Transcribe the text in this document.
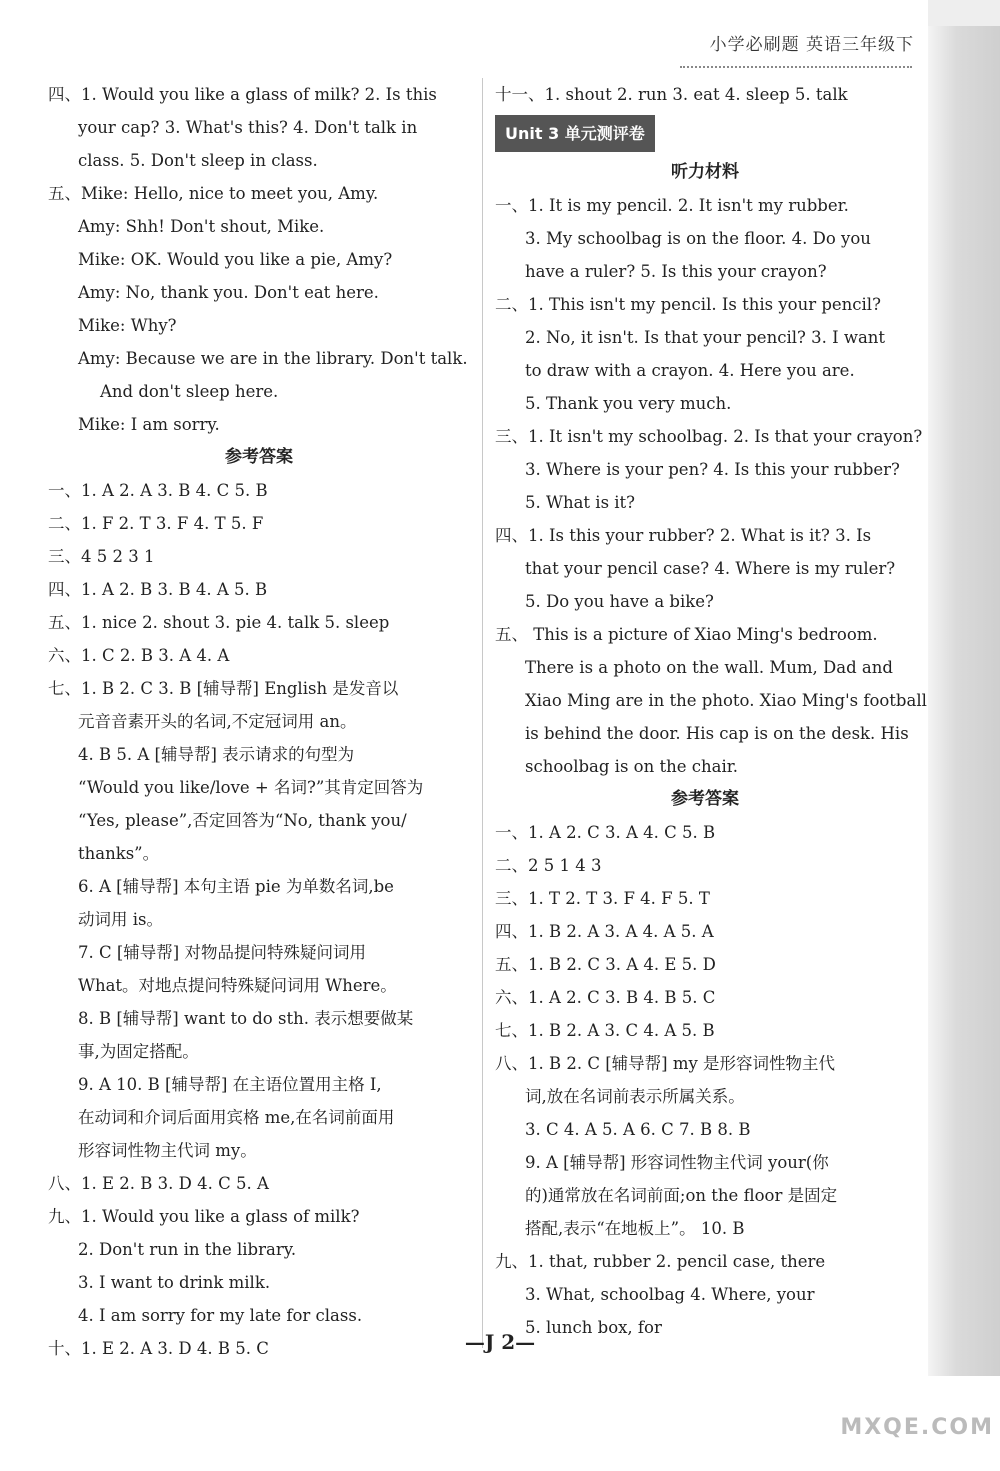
小学必刷题 英语三年级下
四、1. Would you like a glass of milk? 2. Is this
your cap? 3. What's this? 4. Don't talk in
class. 5. Don't sleep in class.
五、Mike: Hello, nice to meet you, Amy.
Amy: Shh! Don't shout, Mike.
Mike: OK. Would you like a pie, Amy?
Amy: No, thank you. Don't eat here.
Mike: Why?
Amy: Because we are in the library. Don't talk.
And don't sleep here.
Mike: I am sorry.
参考答案
一、1. A 2. A 3. B 4. C 5. B
二、1. F 2. T 3. F 4. T 5. F
三、4 5 2 3 1
四、1. A 2. B 3. B 4. A 5. B
五、1. nice 2. shout 3. pie 4. talk 5. sleep
六、1. C 2. B 3. A 4. A
七、1. B 2. C 3. B [辅导帮] English 是发音以
元音音素开头的名词,不定冠词用 an。
4. B 5. A [辅导帮] 表示请求的句型为
“Would you like/love + 名词?”其肯定回答为
“Yes, please”,否定回答为“No, thank you/
thanks”。
6. A [辅导帮] 本句主语 pie 为单数名词,be
动词用 is。
7. C [辅导帮] 对物品提问特殊疑问词用
What。对地点提问特殊疑问词用 Where。
8. B [辅导帮] want to do sth. 表示想要做某
事,为固定搭配。
9. A 10. B [辅导帮] 在主语位置用主格 I,
在动词和介词后面用宾格 me,在名词前面用
形容词性物主代词 my。
八、1. E 2. B 3. D 4. C 5. A
九、1. Would you like a glass of milk?
2. Don't run in the library.
3. I want to drink milk.
4. I am sorry for my late for class.
十、1. E 2. A 3. D 4. B 5. C
十一、1. shout 2. run 3. eat 4. sleep 5. talk
Unit 3 单元测评卷
听力材料
一、1. It is my pencil. 2. It isn't my rubber.
3. My schoolbag is on the floor. 4. Do you
have a ruler? 5. Is this your crayon?
二、1. This isn't my pencil. Is this your pencil?
2. No, it isn't. Is that your pencil? 3. I want
to draw with a crayon. 4. Here you are.
5. Thank you very much.
三、1. It isn't my schoolbag. 2. Is that your crayon?
3. Where is your pen? 4. Is this your rubber?
5. What is it?
四、1. Is this your rubber? 2. What is it? 3. Is
that your pencil case? 4. Where is my ruler?
5. Do you have a bike?
五、 This is a picture of Xiao Ming's bedroom.
There is a photo on the wall. Mum, Dad and
Xiao Ming are in the photo. Xiao Ming's football
is behind the door. His cap is on the desk. His
schoolbag is on the chair.
参考答案
一、1. A 2. C 3. A 4. C 5. B
二、2 5 1 4 3
三、1. T 2. T 3. F 4. F 5. T
四、1. B 2. A 3. A 4. A 5. A
五、1. B 2. C 3. A 4. E 5. D
六、1. A 2. C 3. B 4. B 5. C
七、1. B 2. A 3. C 4. A 5. B
八、1. B 2. C [辅导帮] my 是形容词性物主代
词,放在名词前表示所属关系。
3. C 4. A 5. A 6. C 7. B 8. B
9. A [辅导帮] 形容词性物主代词 your(你
的)通常放在名词前面;on the floor 是固定
搭配,表示“在地板上”。 10. B
九、1. that, rubber 2. pencil case, there
3. What, schoolbag 4. Where, your
5. lunch box, for
—J 2—
MXQE.COM
